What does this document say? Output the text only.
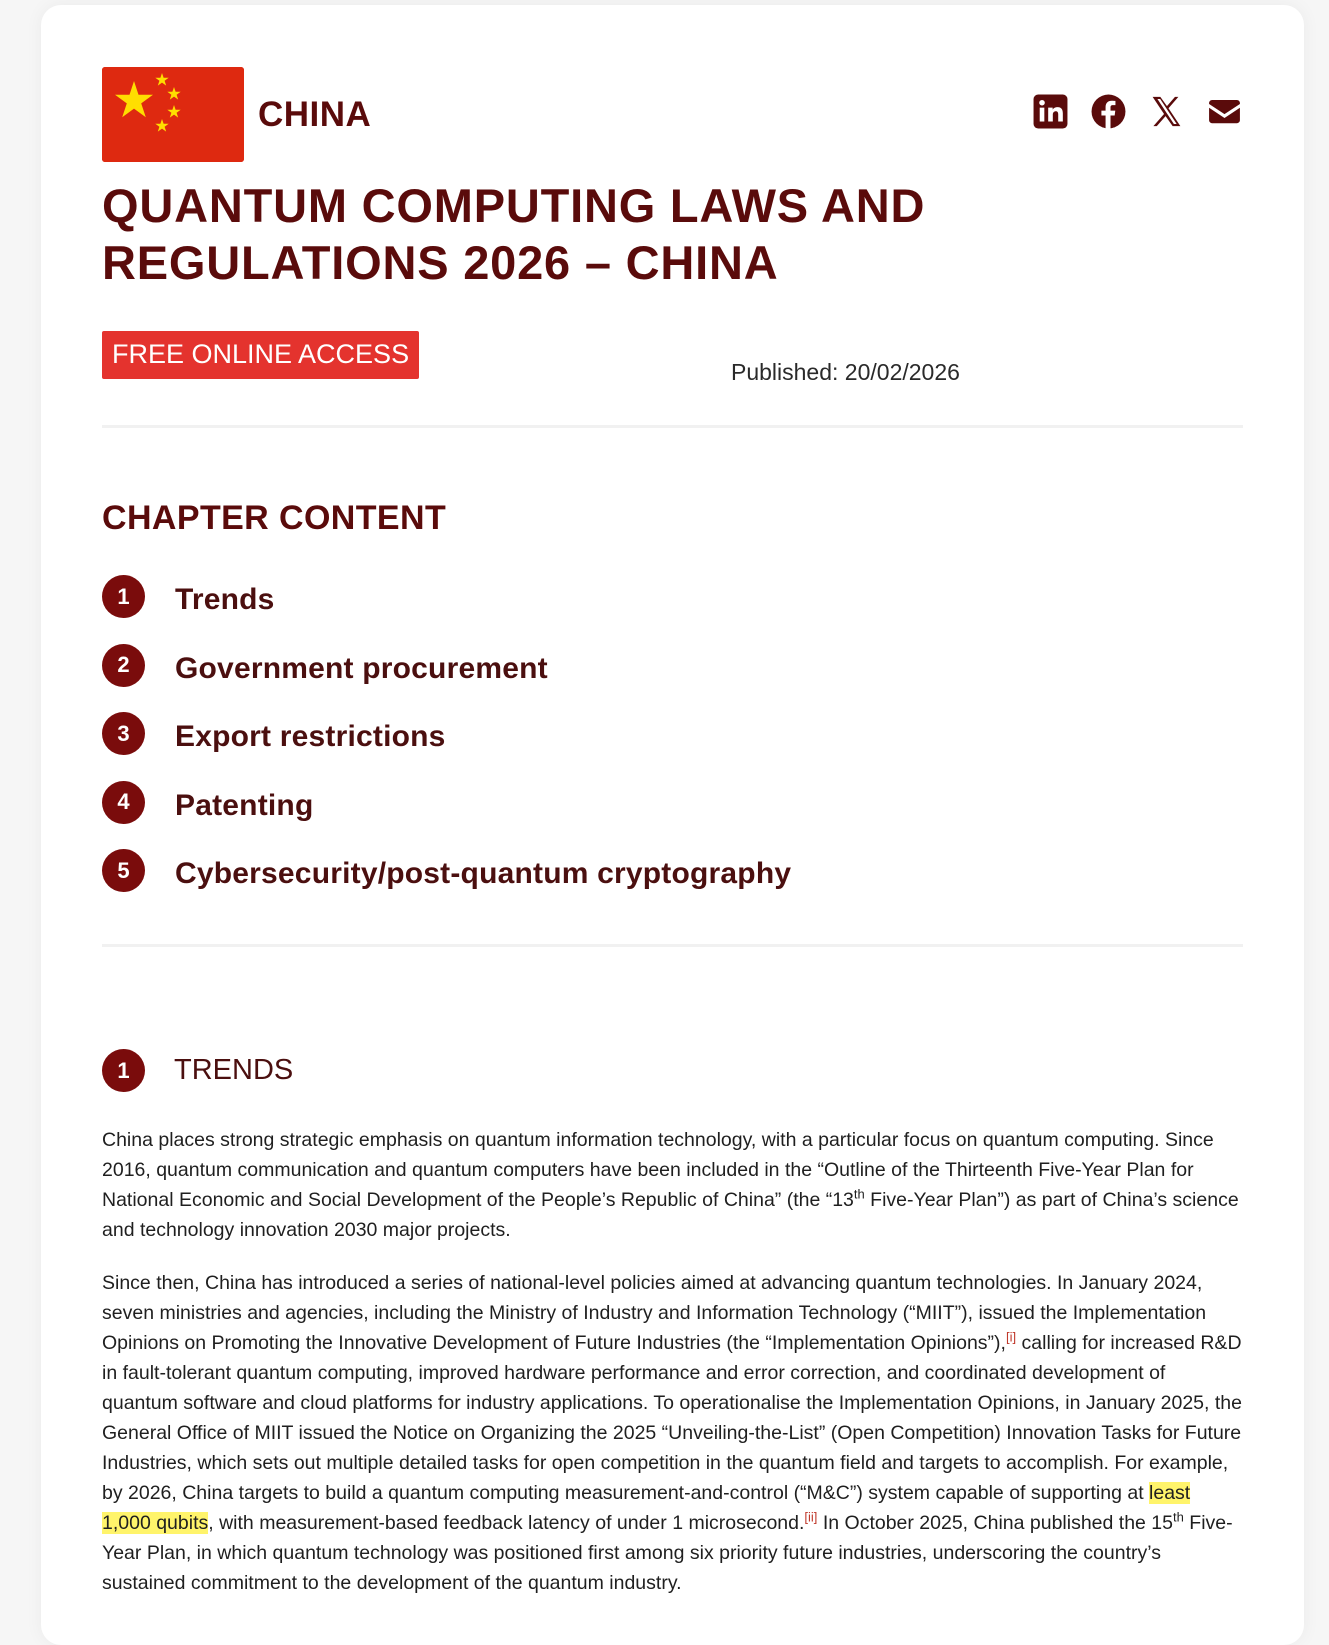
CHINA
QUANTUM COMPUTING LAWS AND
REGULATIONS 2026 – CHINA
FREE ONLINE ACCESS
Published: 20/02/2026
CHAPTER CONTENT
1	Trends
2	Government procurement
3	Export restrictions
4	Patenting
5	Cybersecurity/post-quantum cryptography
1	TRENDS

China places strong strategic emphasis on quantum information technology, with a particular focus on quantum computing. Since 2016, quantum communication and quantum computers have been included in the “Outline of the Thirteenth Five-Year Plan for National Economic and Social Development of the People’s Republic of China” (the “13th Five-Year Plan”) as part of China’s science and technology innovation 2030 major projects.

Since then, China has introduced a series of national-level policies aimed at advancing quantum technologies. In January 2024, seven ministries and agencies, including the Ministry of Industry and Information Technology (“MIIT”), issued the Implementation Opinions on Promoting the Innovative Development of Future Industries (the “Implementation Opinions”),[i] calling for increased R&D in fault-tolerant quantum computing, improved hardware performance and error correction, and coordinated development of quantum software and cloud platforms for industry applications. To operationalise the Implementation Opinions, in January 2025, the General Office of MIIT issued the Notice on Organizing the 2025 “Unveiling-the-List” (Open Competition) Innovation Tasks for Future Industries, which sets out multiple detailed tasks for open competition in the quantum field and targets to accomplish. For example, by 2026, China targets to build a quantum computing measurement-and-control (“M&C”) system capable of supporting at least 1,000 qubits, with measurement-based feedback latency of under 1 microsecond.[ii] In October 2025, China published the 15th Five-Year Plan, in which quantum technology was positioned first among six priority future industries, underscoring the country’s sustained commitment to the development of the quantum industry.
